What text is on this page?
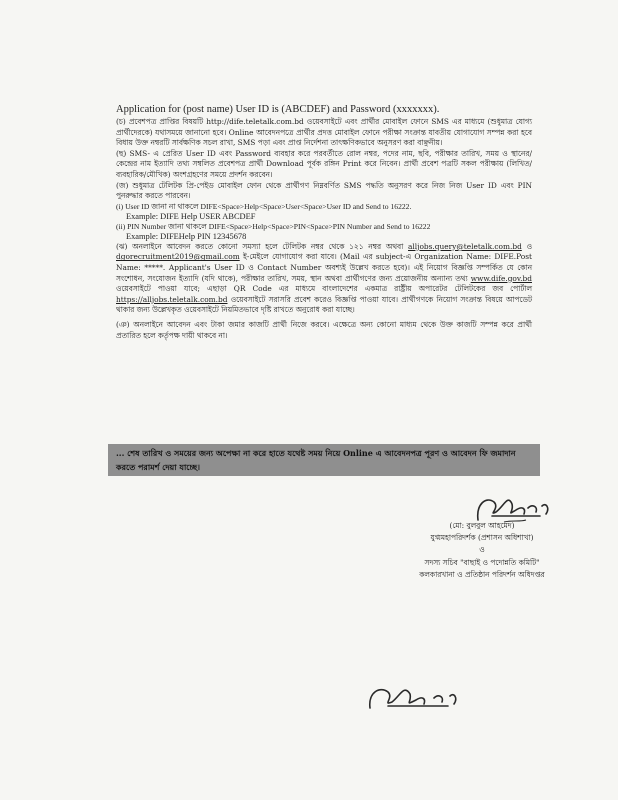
Application for (post name) User ID is (ABCDEF) and Password (xxxxxxx).

(চ) প্রবেশপত্র প্রাপ্তির বিষয়টি http://dife.teletalk.com.bd ওয়েবসাইটে এবং প্রার্থীর মোবাইল ফোনে SMS এর মাধ্যমে (শুধুমাত্র যোগ্য প্রার্থীদেরকে) যথাসময়ে জানানো হবে। Online আবেদনপত্রে প্রার্থীর প্রদত্ত মোবাইল ফোনে পরীক্ষা সংক্রান্ত যাবতীয় যোগাযোগ সম্পন্ন করা হবে বিধায় উক্ত নম্বরটি সার্বক্ষণিক সচল রাখা, SMS পড়া এবং প্রাপ্ত নির্দেশনা তাৎক্ষণিকভাবে অনুসরণ করা বাঞ্ছনীয়।

(ছ) SMS- এ প্রেরিত User ID এবং Password ব্যবহার করে পরবর্তীতে রোল নম্বর, পদের নাম, ছবি, পরীক্ষার তারিখ, সময় ও স্থানের/কেন্দ্রের নাম ইত্যাদি তথ্য সম্বলিত প্রবেশপত্র প্রার্থী Download পূর্বক রঙ্গিন Print করে নিবেন। প্রার্থী প্রবেশ পত্রটি সকল পরীক্ষায় (লিখিত/ব্যবহারিক/মৌখিক) অংশগ্রহণের সময়ে প্রদর্শন করবেন।

(জ) শুধুমাত্র টেলিটক প্রি-পেইড মোবাইল ফোন থেকে প্রার্থীগণ নিম্নবর্ণিত SMS পদ্ধতি অনুসরণ করে নিজ নিজ User ID এবং PIN পুনরুদ্ধার করতে পারবেন।

(i) User ID জানা না থাকলে DIFE<Space>Help<Space>User<Space>User ID and Send to 16222.

Example: DIFE Help USER ABCDEF

(ii) PIN Number জানা থাকলে DIFE<Space>Help<Space>PIN<Space>PIN Number and Send to 16222

Example: DIFEHelp PIN 12345678

(ঝ) অনলাইনে আবেদন করতে কোনো সমস্যা হলে টেলিটক নম্বর থেকে ১২১ নম্বর অথবা alljobs.query@teletalk.com.bd ও dgorecruitment2019@gmail.com ই-মেইলে যোগাযোগ করা যাবে। (Mail এর subject-এ Organization Name: DIFE.Post Name: *****. Applicant's User ID ও Contact Number অবশ্যই উল্লেখ করতে হবে)। এই নিয়োগ বিজ্ঞপ্তি সম্পর্কিত যে কোন সংশোধন, সংযোজন ইত্যাদি (যদি থাকে), পরীক্ষার তারিখ, সময়, স্থান অথবা প্রার্থীগণের জন্য প্রয়োজনীয় অন্যান্য তথ্য www.dife.gov.bd ওয়েবসাইটে পাওয়া যাবে; এছাড়া QR Code এর মাধ্যমে বাংলাদেশের একমাত্র রাষ্ট্রীয় অপারেটর টেলিটকের জব পোর্টাল https://alljobs.teletalk.com.bd ওয়েবসাইটে সরাসরি প্রবেশ করেও বিজ্ঞপ্তি পাওয়া যাবে। প্রার্থীগণকে নিয়োগ সংক্রান্ত বিষয়ে আপডেট থাকার জন্য উল্লেখকৃত ওয়েবসাইটে নিয়মিতভাবে দৃষ্টি রাখতে অনুরোধ করা যাচ্ছে।

(ঞ) অনলাইনে আবেদন এবং টাকা জমার কাজটি প্রার্থী নিজে করবে। এক্ষেত্রে অন্য কোনো মাধ্যম থেকে উক্ত কাজটি সম্পন্ন করে প্রার্থী প্রতারিত হলে কর্তৃপক্ষ দায়ী থাকবে না।

... শেষ তারিখ ও সময়ের জন্য অপেক্ষা না করে হাতে যথেষ্ট সময় নিয়ে Online এ আবেদনপত্র পূরণ ও আবেদন ফি জমাদান করতে পরামর্শ দেয়া যাচ্ছে।
(মো: বুলবুল আহমেদ)
যুগ্মমহাপরিদর্শক (প্রশাসন অধিশাখা)
ও
সদস্য সচিব "বাছাই ও পদোন্নতি কমিটি"
কলকারখানা ও প্রতিষ্ঠান পরিদর্শন অধিদপ্তর
